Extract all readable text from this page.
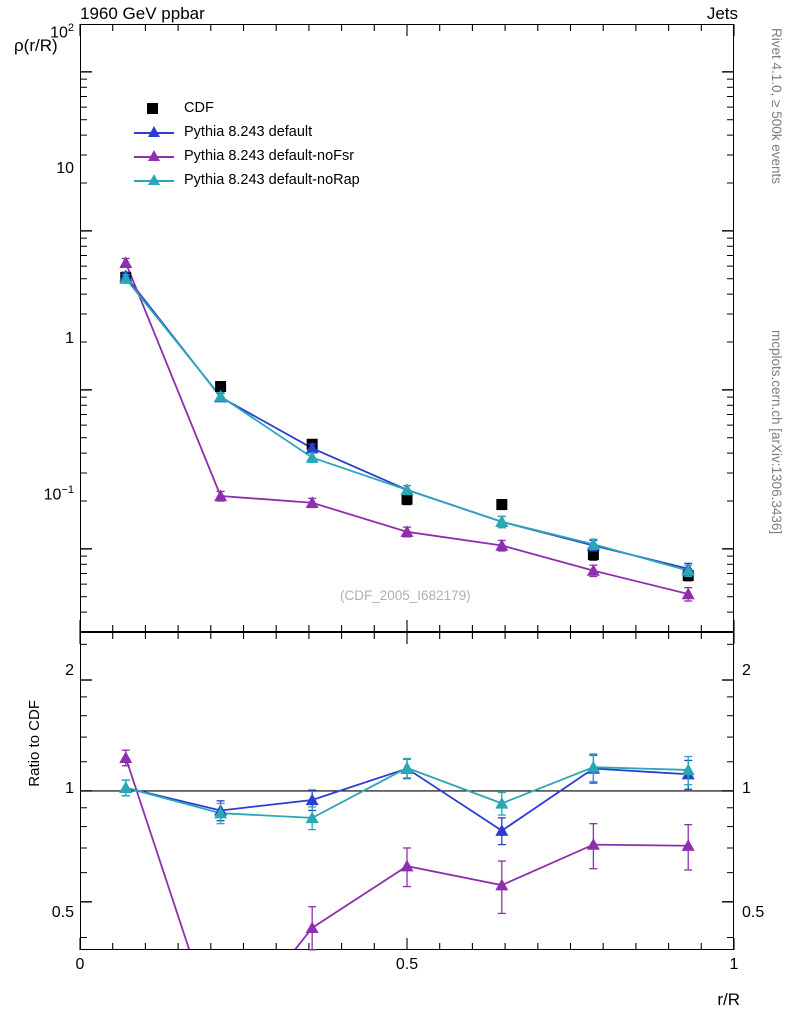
1960 GeV ppbar	Jets
Rivet 4.1.0, ≥ 500k events
mcplots.cern.ch [arXiv:1306.3436]
ρ(r/R)
Ratio to CDF
r/R
CDF
Pythia 8.243 default
Pythia 8.243 default-noFsr
Pythia 8.243 default-noRap
(CDF_2005_I682179)
$10^2$
10
1
$10^{-1}$
2
1
0.5
2
1
0.5
0	0.5	1
